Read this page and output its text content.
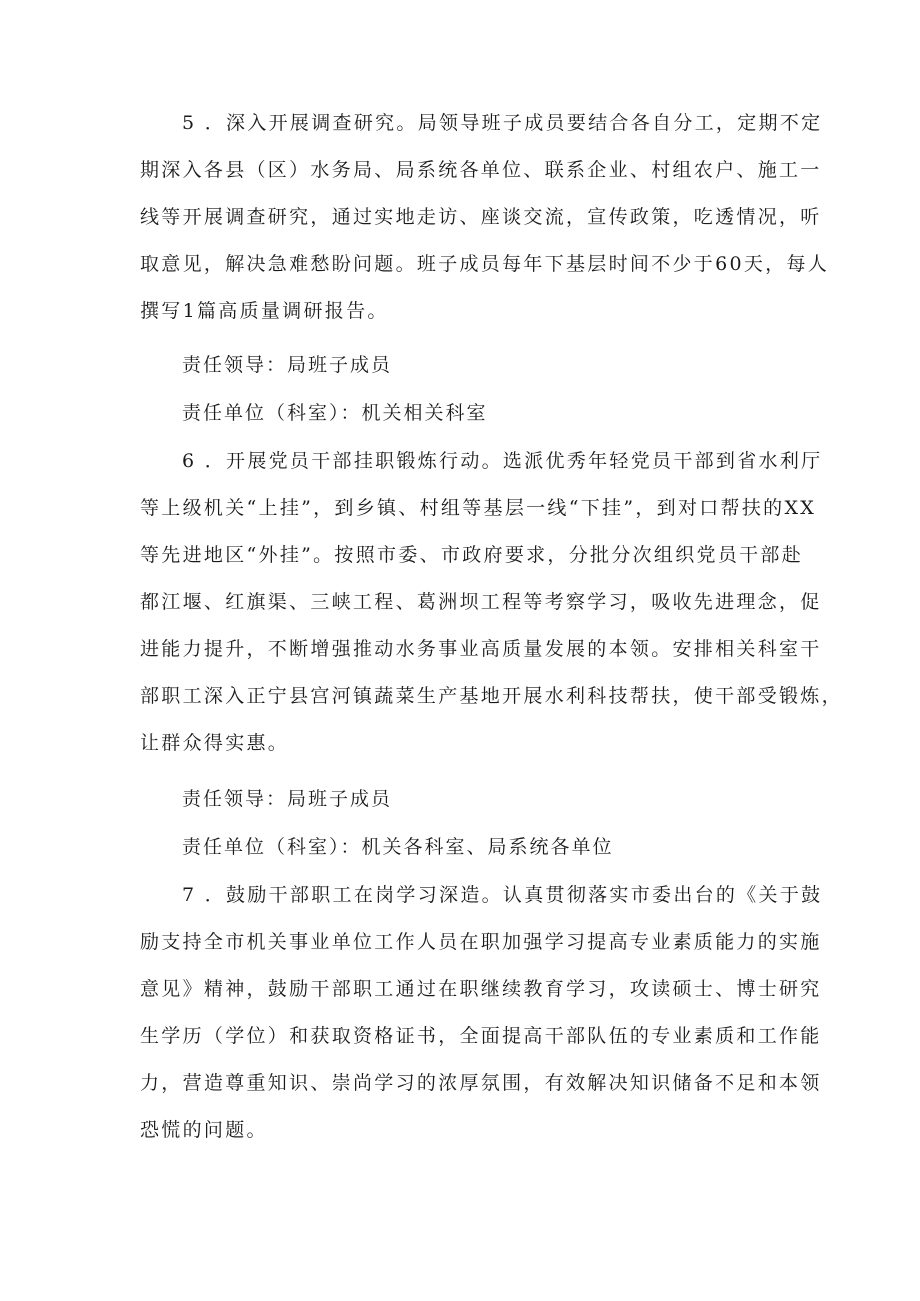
5 ．深入开展调查研究。局领导班子成员要结合各自分工，定期不定
期深入各县（区）水务局、局系统各单位、联系企业、村组农户、施工一
线等开展调查研究，通过实地走访、座谈交流，宣传政策，吃透情况，听
取意见，解决急难愁盼问题。班子成员每年下基层时间不少于60天，每人
撰写1篇高质量调研报告。

责任领导：局班子成员

责任单位（科室）：机关相关科室

6 ．开展党员干部挂职锻炼行动。选派优秀年轻党员干部到省水利厅
等上级机关“上挂”，到乡镇、村组等基层一线“下挂”，到对口帮扶的XX
等先进地区“外挂”。按照市委、市政府要求，分批分次组织党员干部赴
都江堰、红旗渠、三峡工程、葛洲坝工程等考察学习，吸收先进理念，促
进能力提升，不断增强推动水务事业高质量发展的本领。安排相关科室干
部职工深入正宁县宫河镇蔬菜生产基地开展水利科技帮扶，使干部受锻炼，
让群众得实惠。

责任领导：局班子成员

责任单位（科室）：机关各科室、局系统各单位

7 ．鼓励干部职工在岗学习深造。认真贯彻落实市委出台的《关于鼓
励支持全市机关事业单位工作人员在职加强学习提高专业素质能力的实施
意见》精神，鼓励干部职工通过在职继续教育学习，攻读硕士、博士研究
生学历（学位）和获取资格证书，全面提高干部队伍的专业素质和工作能
力，营造尊重知识、崇尚学习的浓厚氛围，有效解决知识储备不足和本领
恐慌的问题。
